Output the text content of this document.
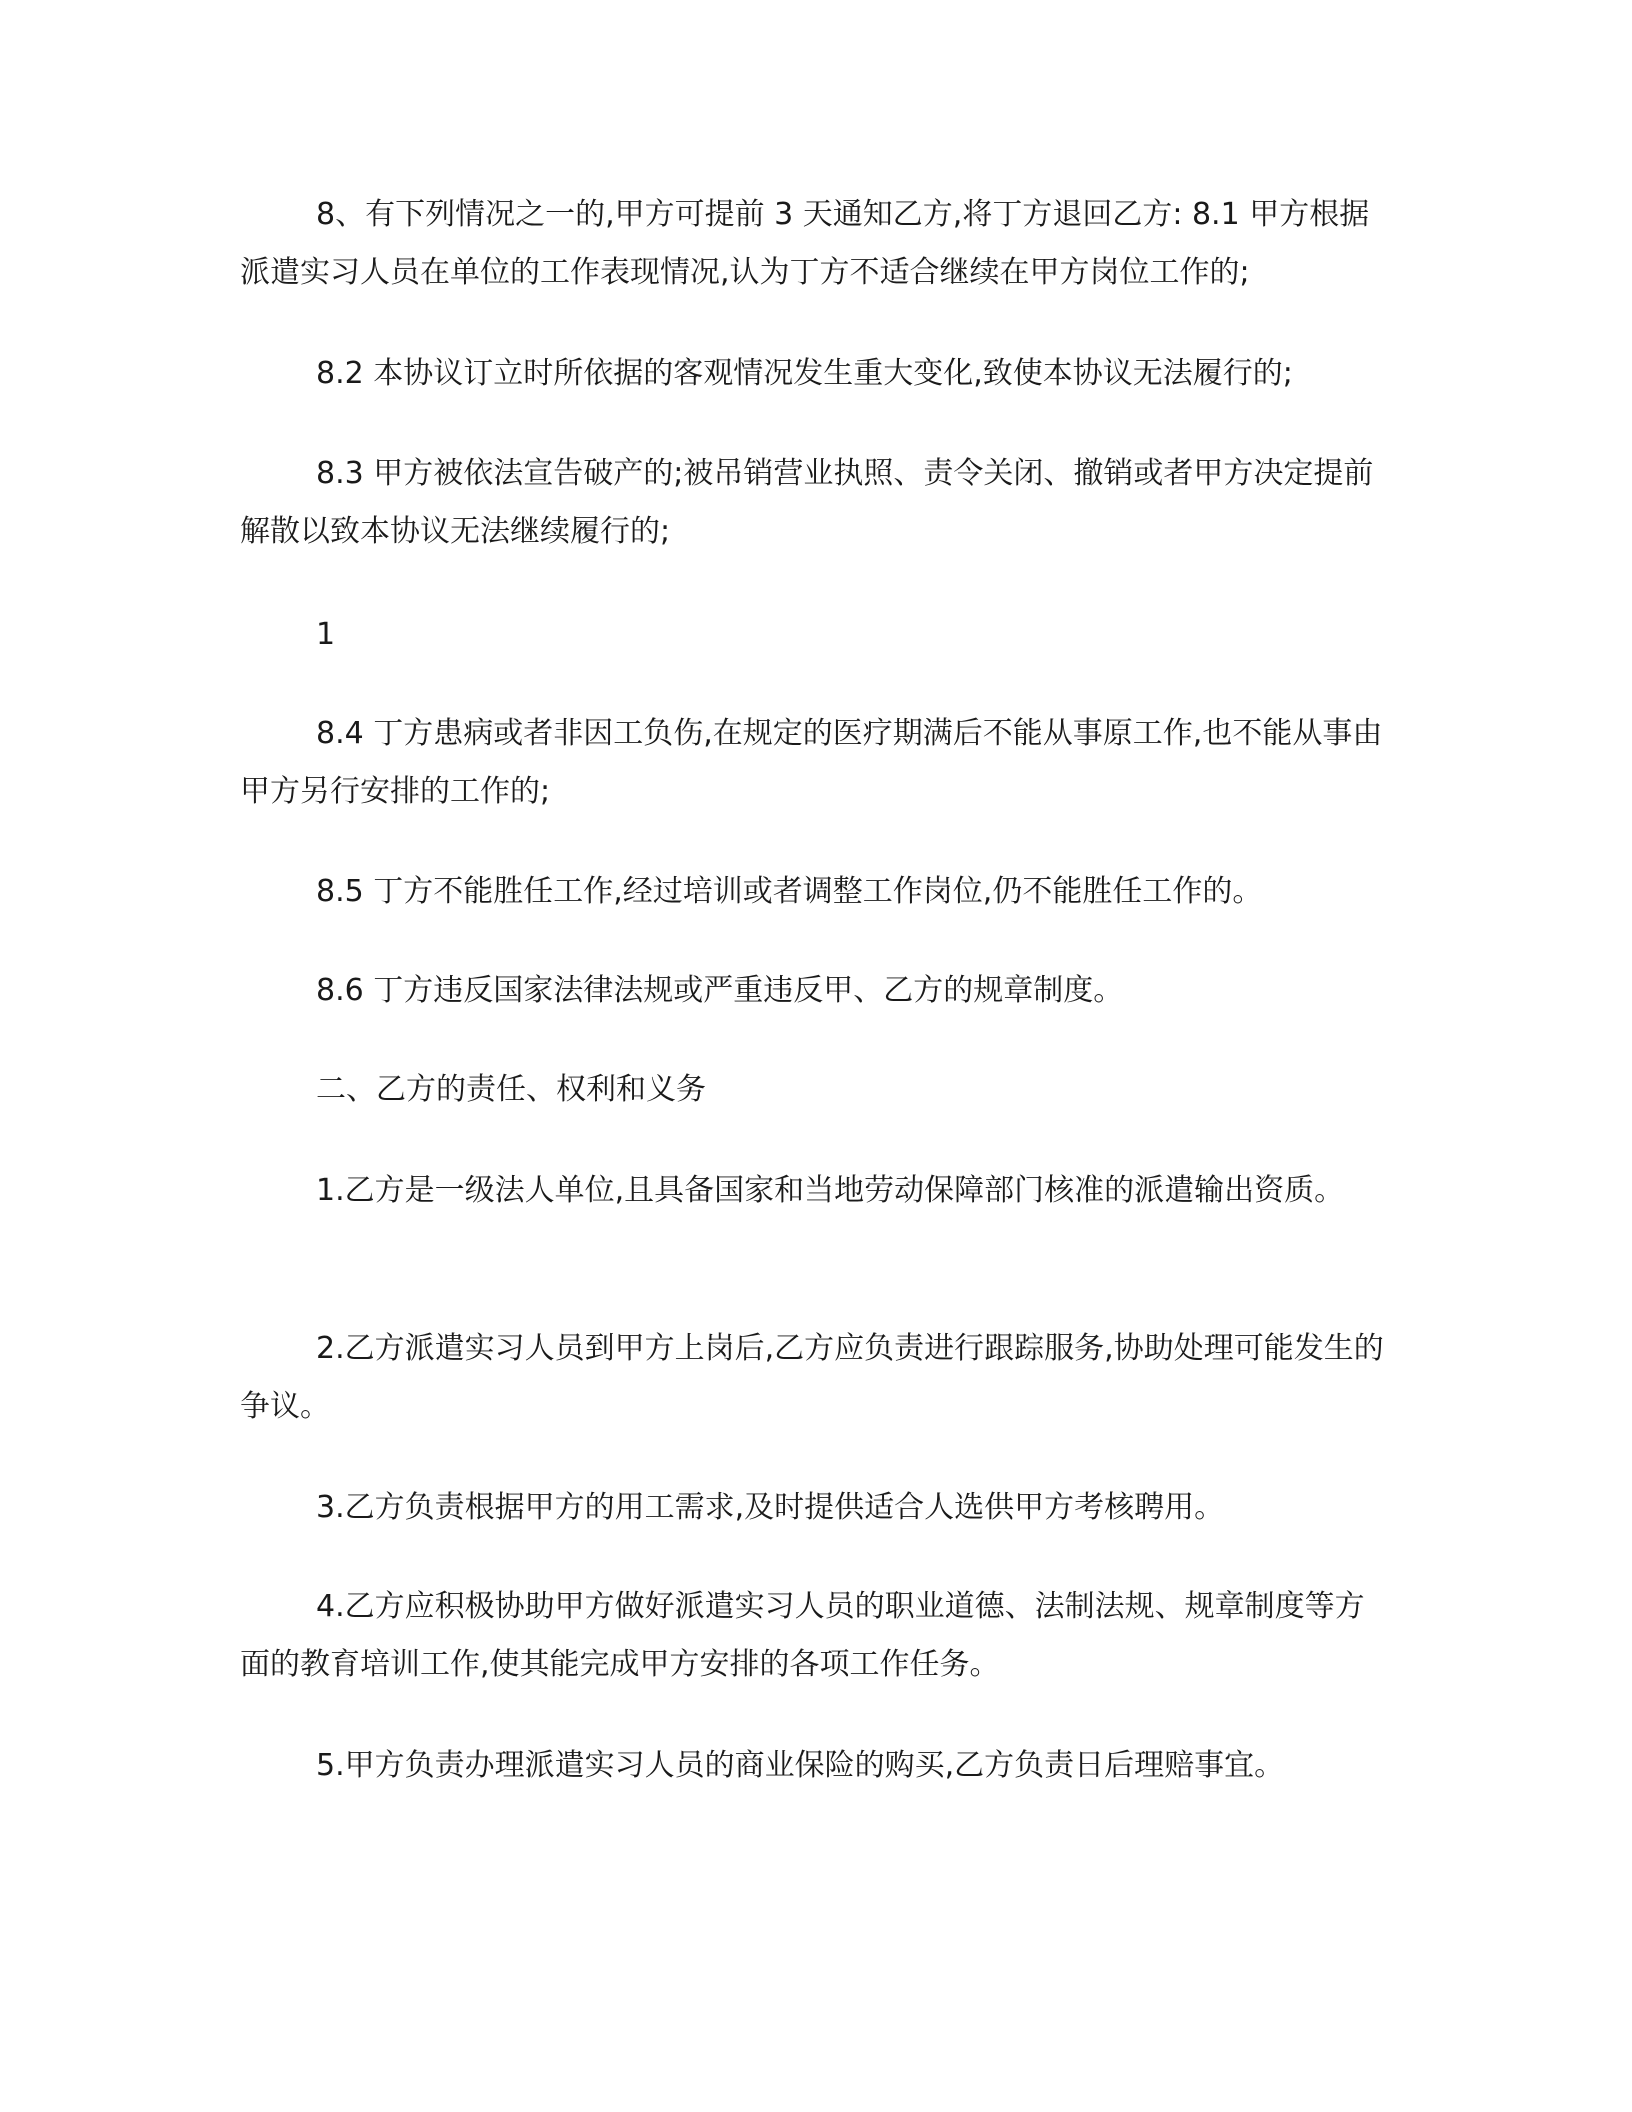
8、有下列情况之一的,甲方可提前 3 天通知乙方,将丁方退回乙方: 8.1 甲方根据派遣实习人员在单位的工作表现情况,认为丁方不适合继续在甲方岗位工作的;

8.2 本协议订立时所依据的客观情况发生重大变化,致使本协议无法履行的;

8.3 甲方被依法宣告破产的;被吊销营业执照、责令关闭、撤销或者甲方决定提前解散以致本协议无法继续履行的;

1

8.4 丁方患病或者非因工负伤,在规定的医疗期满后不能从事原工作,也不能从事由甲方另行安排的工作的;

8.5 丁方不能胜任工作,经过培训或者调整工作岗位,仍不能胜任工作的。

8.6 丁方违反国家法律法规或严重违反甲、乙方的规章制度。

二、乙方的责任、权利和义务

1.乙方是一级法人单位,且具备国家和当地劳动保障部门核准的派遣输出资质。

2.乙方派遣实习人员到甲方上岗后,乙方应负责进行跟踪服务,协助处理可能发生的争议。

3.乙方负责根据甲方的用工需求,及时提供适合人选供甲方考核聘用。

4.乙方应积极协助甲方做好派遣实习人员的职业道德、法制法规、规章制度等方面的教育培训工作,使其能完成甲方安排的各项工作任务。

5.甲方负责办理派遣实习人员的商业保险的购买,乙方负责日后理赔事宜。
